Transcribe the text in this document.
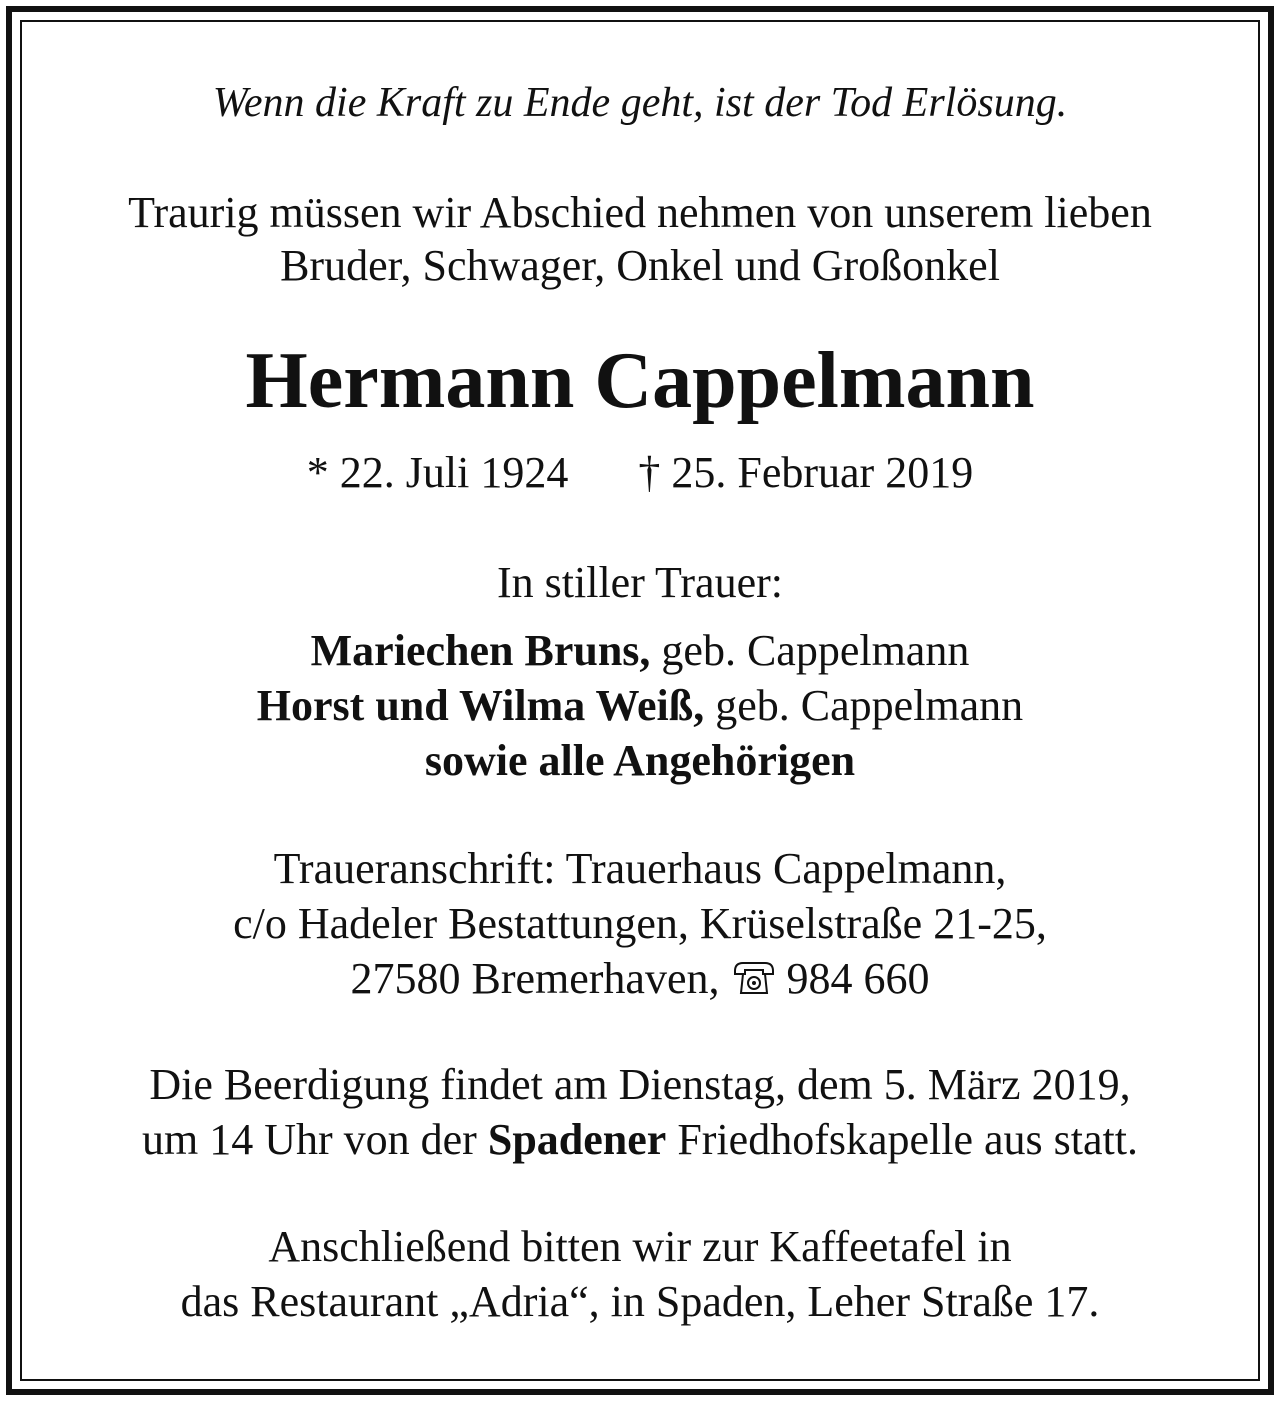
Wenn die Kraft zu Ende geht, ist der Tod Erlösung.
Traurig müssen wir Abschied nehmen von unserem lieben
Bruder, Schwager, Onkel und Großonkel
Hermann Cappelmann
* 22. Juli 1924 † 25. Februar 2019
In stiller Trauer:
Mariechen Bruns, geb. Cappelmann
Horst und Wilma Weiß, geb. Cappelmann
sowie alle Angehörigen
Traueranschrift: Trauerhaus Cappelmann,
c/o Hadeler Bestattungen, Krüselstraße 21-25,
27580 Bremerhaven, 984 660
Die Beerdigung findet am Dienstag, dem 5. März 2019,
um 14 Uhr von der Spadener Friedhofskapelle aus statt.
Anschließend bitten wir zur Kaffeetafel in
das Restaurant „Adria“, in Spaden, Leher Straße 17.
